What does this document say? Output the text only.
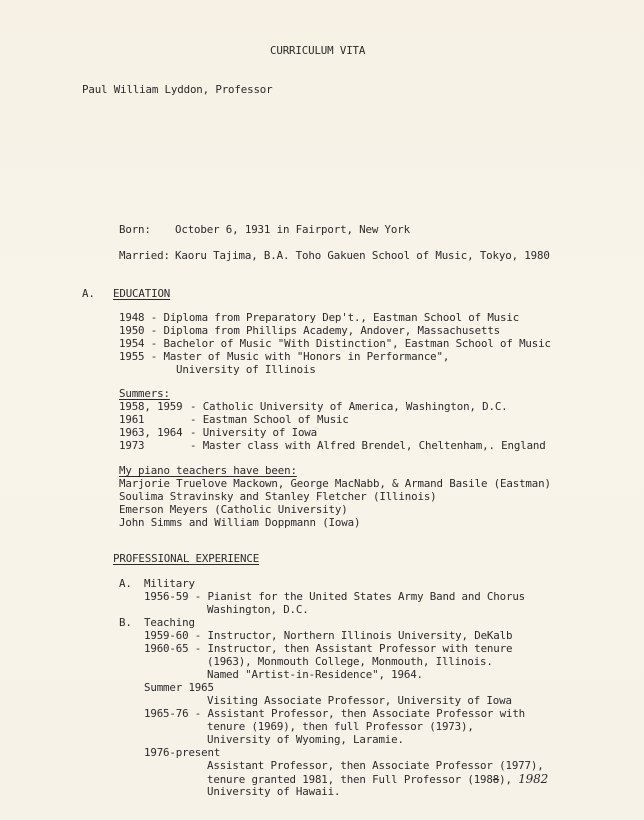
CURRICULUM VITA
Paul William Lyddon, Professor
Born: October 6, 1931 in Fairport, New York
Married: Kaoru Tajima, B.A. Toho Gakuen School of Music, Tokyo, 1980
A. EDUCATION
1948 - Diploma from Preparatory Dep't., Eastman School of Music
1950 - Diploma from Phillips Academy, Andover, Massachusetts
1954 - Bachelor of Music "With Distinction", Eastman School of Music
1955 - Master of Music with "Honors in Performance",
University of Illinois
Summers:
1958, 1959 - Catholic University of America, Washington, D.C.
1961	- Eastman School of Music
1963, 1964 - University of Iowa
1973	- Master class with Alfred Brendel, Cheltenham,. England
My piano teachers have been:
Marjorie Truelove Mackown, George MacNabb, & Armand Basile (Eastman)
Soulima Stravinsky and Stanley Fletcher (Illinois)
Emerson Meyers (Catholic University)
John Simms and William Doppmann (Iowa)
PROFESSIONAL EXPERIENCE
A. Military
1956-59 - Pianist for the United States Army Band and Chorus
Washington, D.C.
B. Teaching
1959-60 - Instructor, Northern Illinois University, DeKalb
1960-65 - Instructor, then Assistant Professor with tenure
(1963), Monmouth College, Monmouth, Illinois.
Named "Artist-in-Residence", 1964.
Summer 1965
Visiting Associate Professor, University of Iowa
1965-76 - Assistant Professor, then Associate Professor with
tenure (1969), then full Professor (1973),
University of Wyoming, Laramie.
1976-present
Assistant Professor, then Associate Professor (1977),
tenure granted 1981, then Full Professor (1988), 1982
University of Hawaii.
